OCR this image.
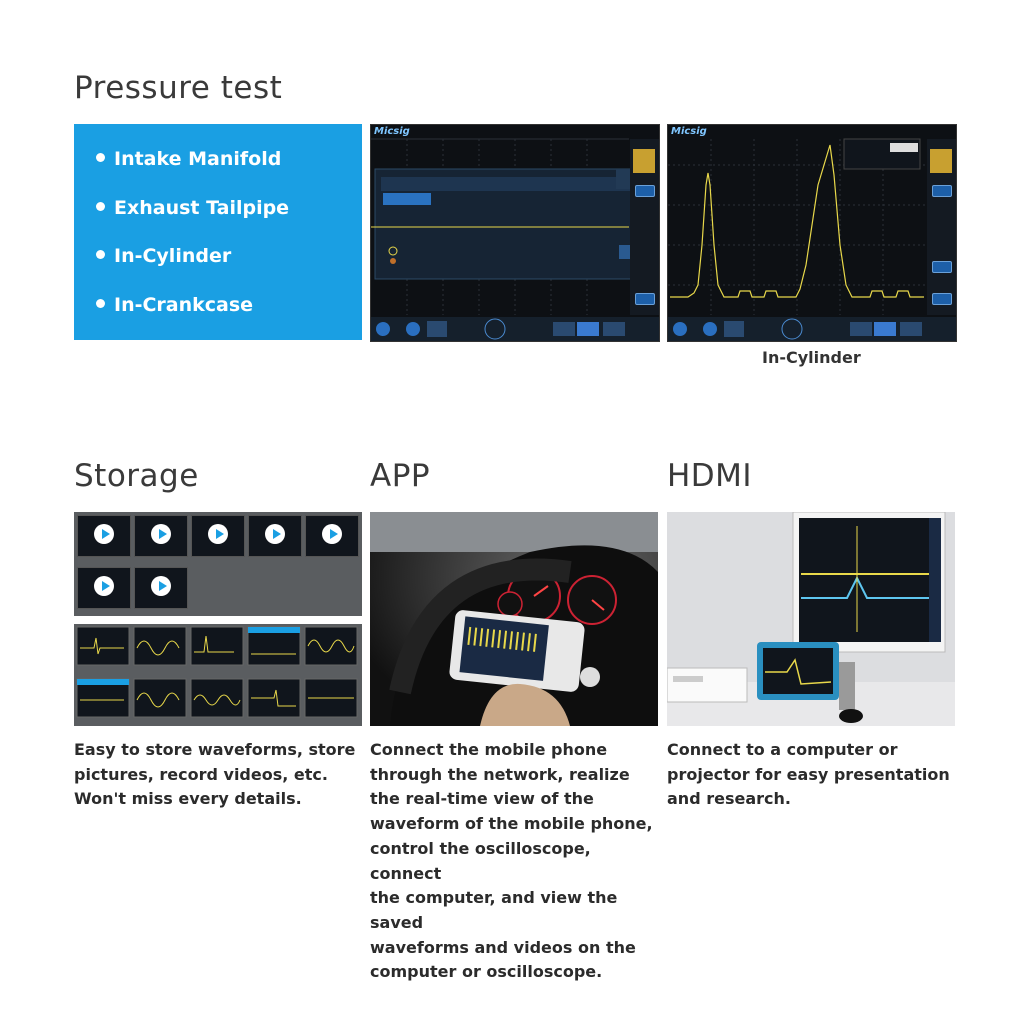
Pressure test
Intake Manifold
Exhaust Tailpipe
In-Cylinder
In-Crankcase
Micsig	Micsig
In-Cylinder
Storage	APP	HDMI
Easy to store waveforms, store
pictures, record videos, etc.
Won't miss every details.
Connect the mobile phone
through the network, realize
the real-time view of the
waveform of the mobile phone,
control the oscilloscope, connect
the computer, and view the saved
waveforms and videos on the
computer or oscilloscope.
Connect to a computer or
projector for easy presentation
and research.
